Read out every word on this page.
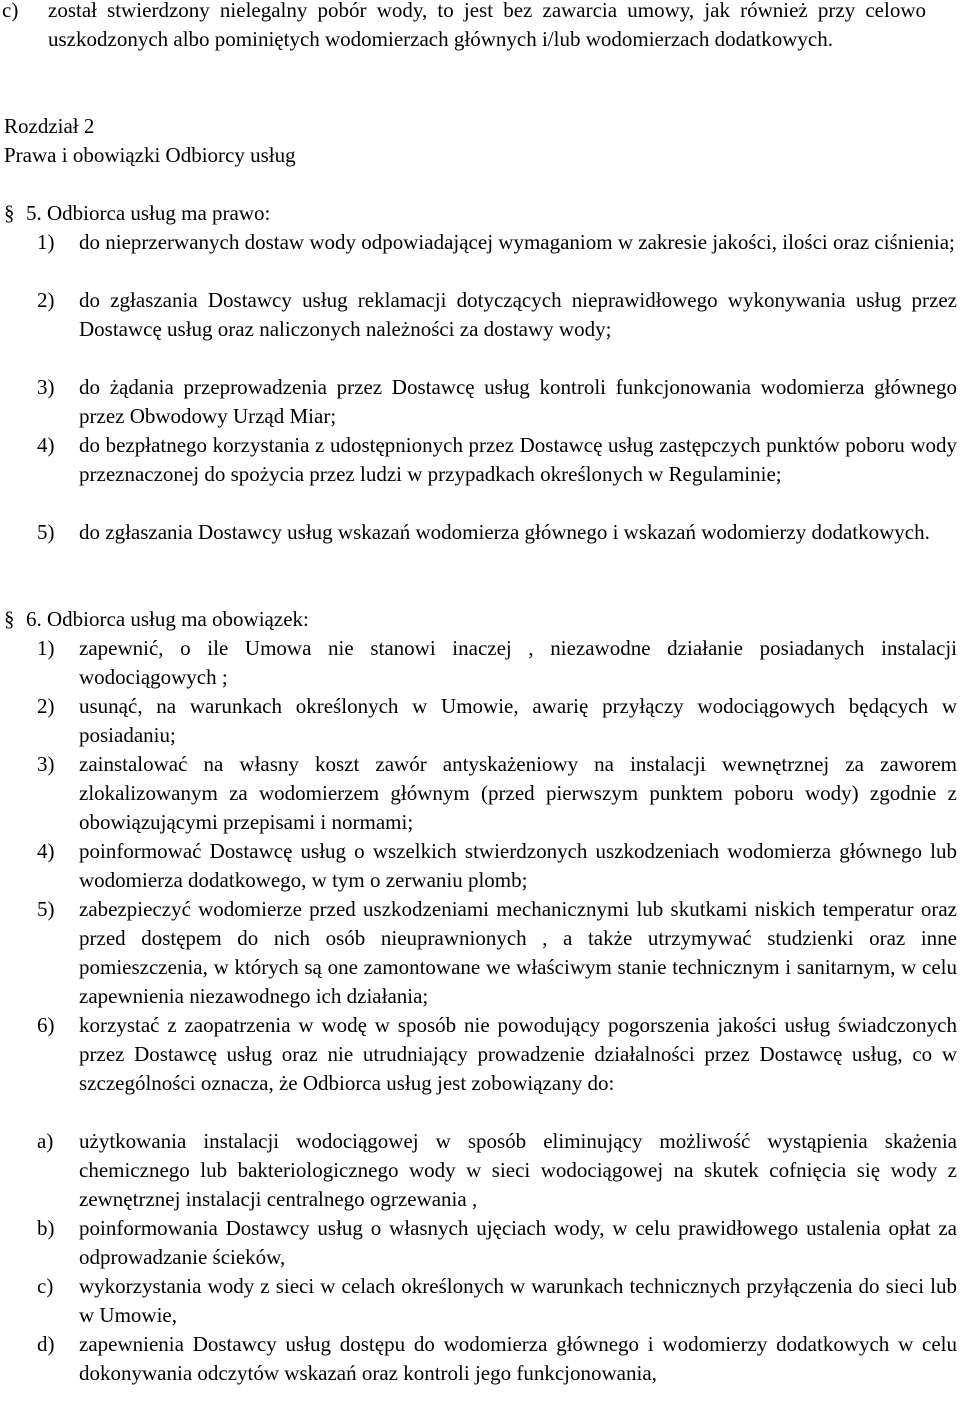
c) został stwierdzony nielegalny pobór wody, to jest bez zawarcia umowy, jak również przy celowo uszkodzonych albo pominiętych wodomierzach głównych i/lub wodomierzach dodatkowych.
Rozdział 2
Prawa i obowiązki Odbiorcy usług
§ 5. Odbiorca usług ma prawo:
1) do nieprzerwanych dostaw wody odpowiadającej wymaganiom w zakresie jakości, ilości oraz ciśnienia;
2) do zgłaszania Dostawcy usług reklamacji dotyczących nieprawidłowego wykonywania usług przez Dostawcę usług oraz naliczonych należności za dostawy wody;
3) do żądania przeprowadzenia przez Dostawcę usług kontroli funkcjonowania wodomierza głównego przez Obwodowy Urząd Miar;
4) do bezpłatnego korzystania z udostępnionych przez Dostawcę usług zastępczych punktów poboru wody przeznaczonej do spożycia przez ludzi w przypadkach określonych w Regulaminie;
5) do zgłaszania Dostawcy usług wskazań wodomierza głównego i wskazań wodomierzy dodatkowych.
§ 6. Odbiorca usług ma obowiązek:
1) zapewnić, o ile Umowa nie stanowi inaczej , niezawodne działanie posiadanych instalacji wodociągowych ;
2) usunąć, na warunkach określonych w Umowie, awarię przyłączy wodociągowych będących w posiadaniu;
3) zainstalować na własny koszt zawór antyskażeniowy na instalacji wewnętrznej za zaworem zlokalizowanym za wodomierzem głównym (przed pierwszym punktem poboru wody) zgodnie z obowiązującymi przepisami i normami;
4) poinformować Dostawcę usług o wszelkich stwierdzonych uszkodzeniach wodomierza głównego lub wodomierza dodatkowego, w tym o zerwaniu plomb;
5) zabezpieczyć wodomierze przed uszkodzeniami mechanicznymi lub skutkami niskich temperatur oraz przed dostępem do nich osób nieuprawnionych , a także utrzymywać studzienki oraz inne pomieszczenia, w których są one zamontowane we właściwym stanie technicznym i sanitarnym, w celu zapewnienia niezawodnego ich działania;
6) korzystać z zaopatrzenia w wodę w sposób nie powodujący pogorszenia jakości usług świadczonych przez Dostawcę usług oraz nie utrudniający prowadzenie działalności przez Dostawcę usług, co w szczególności oznacza, że Odbiorca usług jest zobowiązany do:
a) użytkowania instalacji wodociągowej w sposób eliminujący możliwość wystąpienia skażenia chemicznego lub bakteriologicznego wody w sieci wodociągowej na skutek cofnięcia się wody z zewnętrznej instalacji centralnego ogrzewania ,
b) poinformowania Dostawcy usług o własnych ujęciach wody, w celu prawidłowego ustalenia opłat za odprowadzanie ścieków,
c) wykorzystania wody z sieci w celach określonych w warunkach technicznych przyłączenia do sieci lub w Umowie,
d) zapewnienia Dostawcy usług dostępu do wodomierza głównego i wodomierzy dodatkowych w celu dokonywania odczytów wskazań oraz kontroli jego funkcjonowania,
